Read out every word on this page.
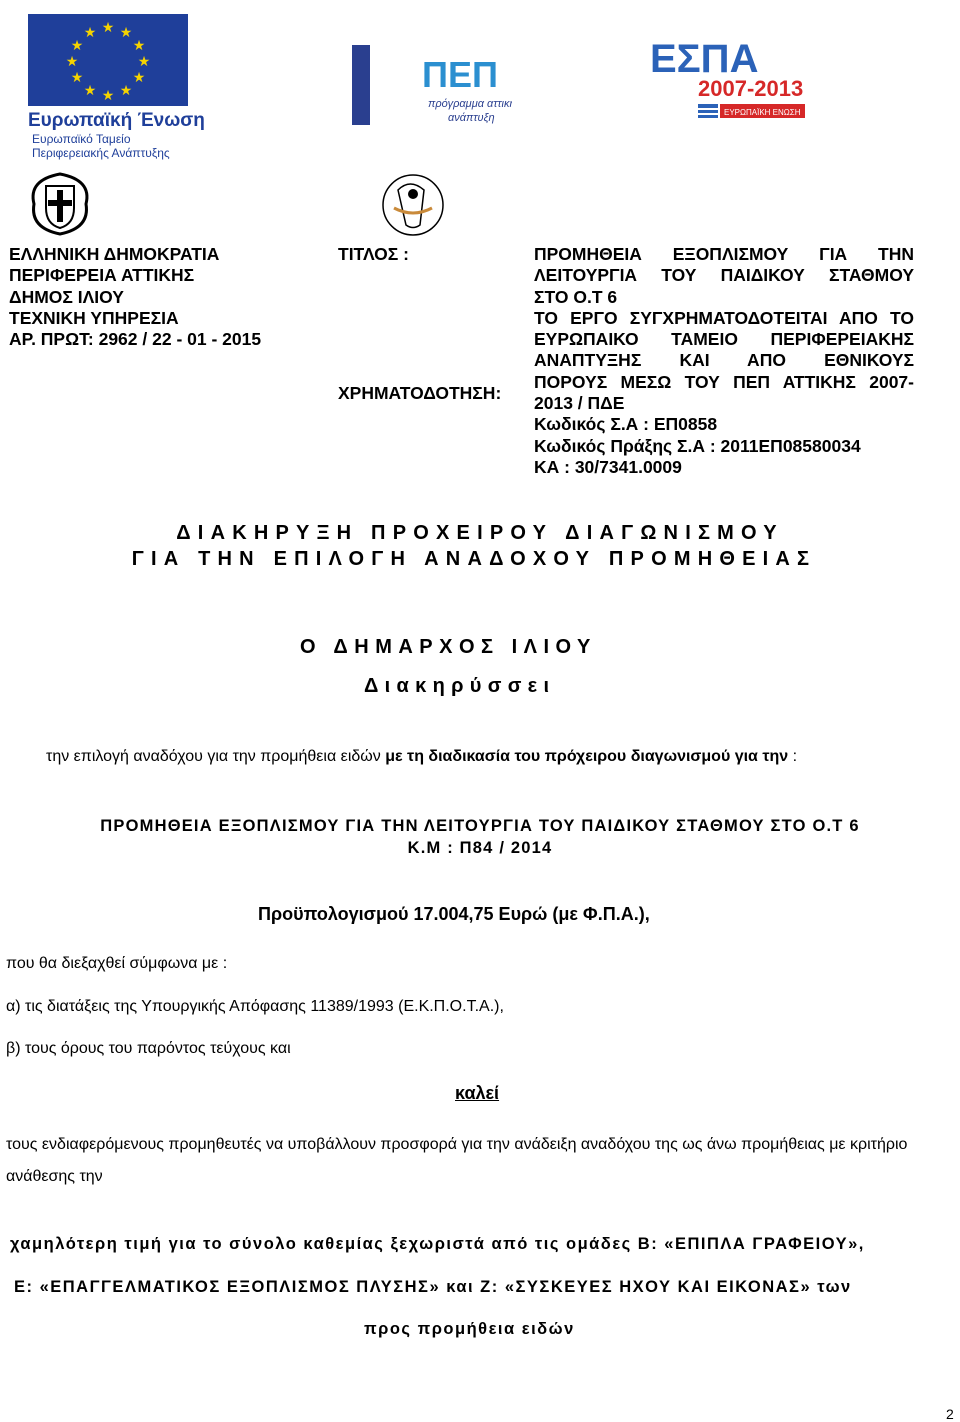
★ ★
★
★
★
★
★
★
★
★
★
★
Ευρωπαϊκή Ένωση
Ευρωπαϊκό Ταμείο
Περιφερειακής Ανάπτυξης
ΠΕΠ
πρόγραμμα αττική
ανάπτυξη
ΕΣΠΑ
2007-2013
ΕΥΡΩΠΑΪΚΗ ΕΝΩΣΗ
ΕΛΛΗΝΙΚΗ ΔΗΜΟΚΡΑΤΙΑ
ΠΕΡΙΦΕΡΕΙΑ ΑΤΤΙΚΗΣ
ΔΗΜΟΣ ΙΛΙΟΥ
ΤΕΧΝΙΚΗ ΥΠΗΡΕΣΙΑ
ΑΡ. ΠΡΩΤ: 2962 / 22 - 01 - 2015
ΤΙΤΛΟΣ :
ΧΡΗΜΑΤΟΔΟΤΗΣΗ:
ΠΡΟΜΗΘΕΙΑ ΕΞΟΠΛΙΣΜΟΥ ΓΙΑ ΤΗΝ
ΛΕΙΤΟΥΡΓΙΑ ΤΟΥ ΠΑΙΔΙΚΟΥ ΣΤΑΘΜΟΥ
ΣΤΟ Ο.Τ 6
ΤΟ ΕΡΓΟ ΣΥΓΧΡΗΜΑΤΟΔΟΤΕΙΤΑΙ ΑΠΟ ΤΟ
ΕΥΡΩΠΑΙΚΟ ΤΑΜΕΙΟ ΠΕΡΙΦΕΡΕΙΑΚΗΣ
ΑΝΑΠΤΥΞΗΣ ΚΑΙ ΑΠΟ ΕΘΝΙΚΟΥΣ
ΠΟΡΟΥΣ ΜΕΣΩ ΤΟΥ ΠΕΠ ΑΤΤΙΚΗΣ 2007-
2013 / ΠΔΕ
Κωδικός Σ.Α : ΕΠ0858
Κωδικός Πράξης Σ.Α : 2011ΕΠ08580034
ΚΑ : 30/7341.0009
ΔΙΑΚΗΡΥΞΗ ΠΡΟΧΕΙΡΟΥ ΔΙΑΓΩΝΙΣΜΟΥ
ΓΙΑ ΤΗΝ ΕΠΙΛΟΓΗ ΑΝΑΔΟΧΟΥ ΠΡΟΜΗΘΕΙΑΣ
Ο ΔΗΜΑΡΧΟΣ ΙΛΙΟΥ
Διακηρύσσει
την επιλογή αναδόχου για την προμήθεια ειδών με τη διαδικασία του πρόχειρου διαγωνισμού για την :
ΠΡΟΜΗΘΕΙΑ ΕΞΟΠΛΙΣΜΟΥ ΓΙΑ ΤΗΝ ΛΕΙΤΟΥΡΓΙΑ ΤΟΥ ΠΑΙΔΙΚΟΥ ΣΤΑΘΜΟΥ ΣΤΟ Ο.Τ 6
Κ.Μ : Π84 / 2014
Προϋπολογισμού 17.004,75 Ευρώ (με Φ.Π.Α.),
που θα διεξαχθεί σύμφωνα με :
α) τις διατάξεις της Υπουργικής Απόφασης 11389/1993 (Ε.Κ.Π.Ο.Τ.Α.),
β) τους όρους του παρόντος τεύχους και
καλεί
τους ενδιαφερόμενους προμηθευτές να υποβάλλουν προσφορά για την ανάδειξη αναδόχου της ως άνω προμήθειας με κριτήριο ανάθεσης την
χαμηλότερη τιμή για το σύνολο καθεμίας ξεχωριστά από τις ομάδες Β: «ΕΠΙΠΛΑ ΓΡΑΦΕΙΟΥ»,
Ε: «ΕΠΑΓΓΕΛΜΑΤΙΚΟΣ ΕΞΟΠΛΙΣΜΟΣ ΠΛΥΣΗΣ» και Ζ: «ΣΥΣΚΕΥΕΣ ΗΧΟΥ ΚΑΙ ΕΙΚΟΝΑΣ» των
προς προμήθεια ειδών
2
